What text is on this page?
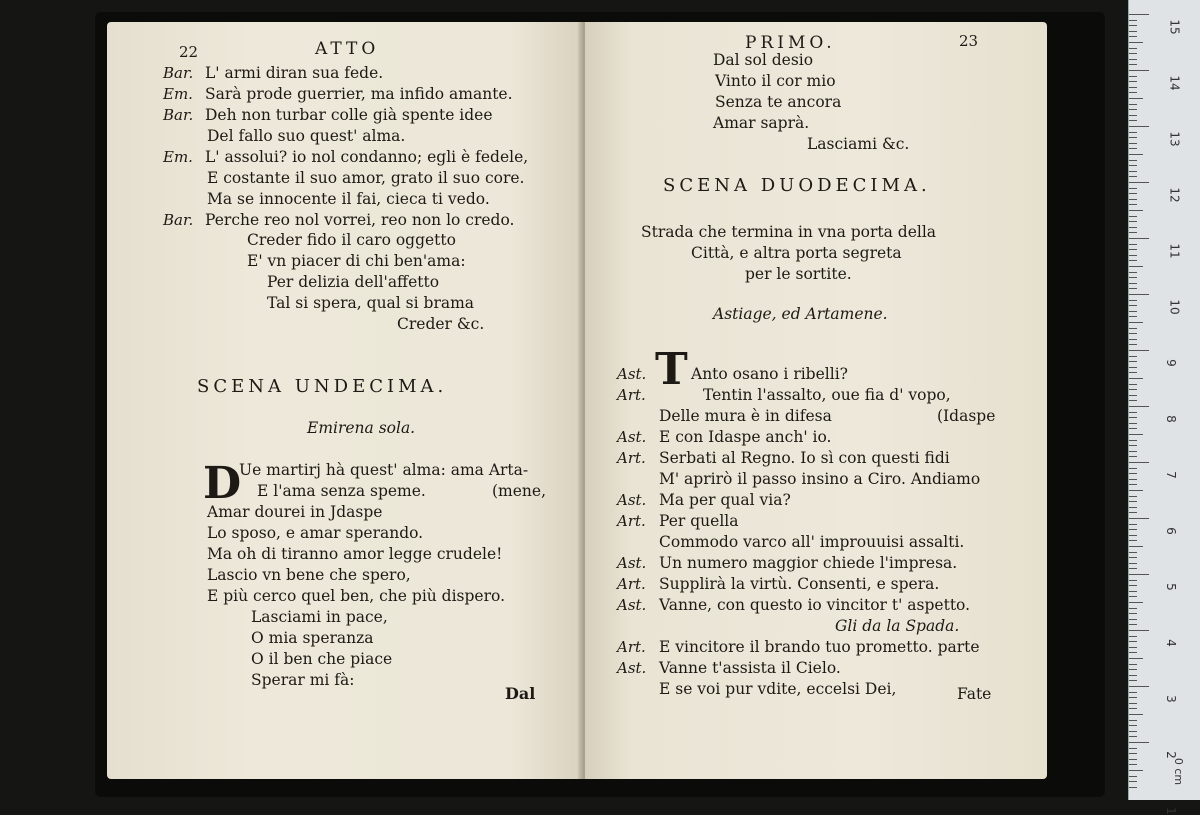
22	ATTO
Bar. L' armi diran sua fede.
Em. Sarà prode guerrier, ma infido amante.
Bar. Deh non turbar colle già spente idee
Del fallo suo quest' alma.
Em. L' assolui? io nol condanno; egli è fedele,
E costante il suo amor, grato il suo core.
Ma se innocente il fai, cieca ti vedo.
Bar. Perche reo nol vorrei, reo non lo credo.
Creder fido il caro oggetto
E' vn piacer di chi ben'ama:
Per delizia dell'affetto
Tal si spera, qual si brama
Creder &c.
SCENA UNDECIMA.
Emirena sola.
D
Ue martirj hà quest' alma: ama Arta-
E l'ama senza speme.	(mene,
Amar dourei in Jdaspe
Lo sposo, e amar sperando.
Ma oh di tiranno amor legge crudele!
Lascio vn bene che spero,
E più cerco quel ben, che più dispero.
Lasciami in pace,
O mia speranza
O il ben che piace
Sperar mi fà:
Dal
PRIMO.	23
Dal sol desio
Vinto il cor mio
Senza te ancora
Amar saprà.
Lasciami &c.
SCENA DUODECIMA.
Strada che termina in vna porta della
Città, e altra porta segreta
per le sortite.
Astiage, ed Artamene.
T
Ast.	Anto osano i ribelli?
Art.	Tentin l'assalto, oue fia d' vopo,
Delle mura è in difesa	(Idaspe
Ast. E con Idaspe anch' io.
Art. Serbati al Regno. Io sì con questi fidi
M' aprirò il passo insino a Ciro. Andiamo
Ast. Ma per qual via?
Art. Per quella
Commodo varco all' improuuisi assalti.
Ast. Un numero maggior chiede l'impresa.
Art. Supplirà la virtù. Consenti, e spera.
Ast. Vanne, con questo io vincitor t' aspetto.
Gli da la Spada.
Art. E vincitore il brando tuo prometto. parte
Ast. Vanne t'assista il Cielo.
E se voi pur vdite, eccelsi Dei,	Fate
15
14
13
12
11
10
9
8
7
6
5
4
3
2
1
0 cm
